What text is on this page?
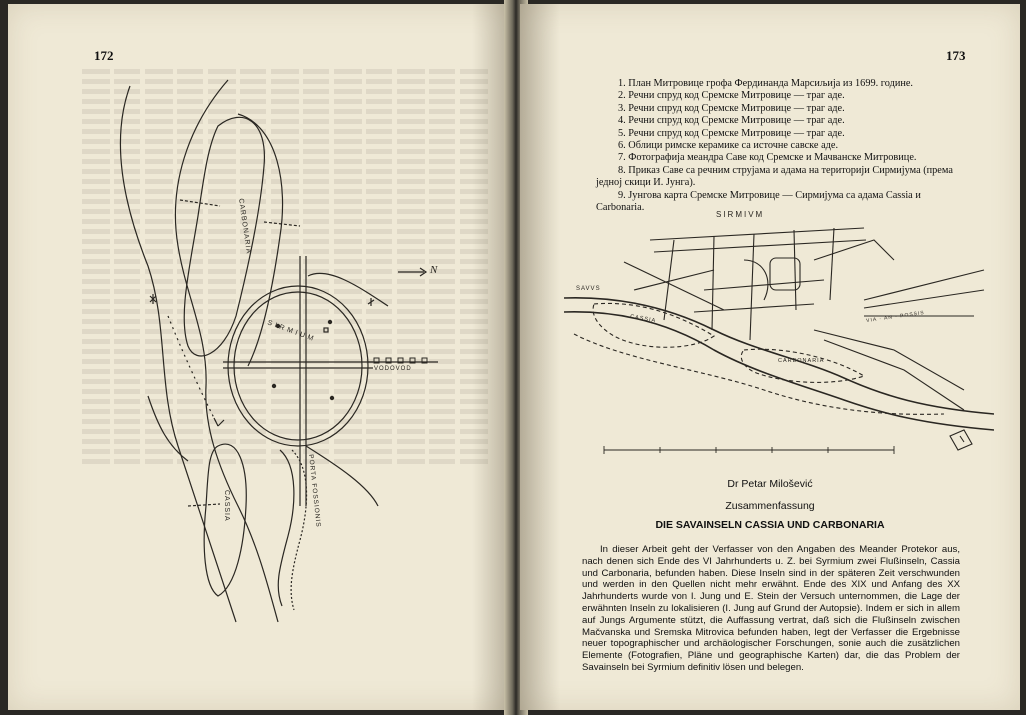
172
CARBONARIA
CASSIA
SIRMIUM
VODOVOD
PORTA FOSSIONIS
N
173

1. План Митровице грофа Фердинанда Марсиљија из 1699. године.

2. Речни спруд код Сремске Митровице — траг аде.

3. Речни спруд код Сремске Митровице — траг аде.

4. Речни спруд код Сремске Митровице — траг аде.

5. Речни спруд код Сремске Митровице — траг аде.

6. Облици римске керамике са источне савске аде.

7. Фотографија меандра Саве код Сремске и Мачванске Митровице.

8. Приказ Саве са речним струјама и адама на територији Сирмијума (према једној скици И. Јунга).

9. Јунгова карта Сремске Митровице — Сирмијума са адама Cassia и Carbonaria.

SIRMIVM
SAVVS
CASSIA
CARBONARIA
VIA · AN · POSSIS
Dr Petar Milošević
Zusammenfassung
DIE SAVAINSELN CASSIA UND CARBONARIA

In dieser Arbeit geht der Verfasser von den Angaben des Meander Protekor aus, nach denen sich Ende des VI Jahrhunderts u. Z. bei Syrmium zwei Flußinseln, Cassia und Carbonaria, befunden haben. Diese Inseln sind in der späteren Zeit verschwunden und werden in den Quellen nicht mehr erwähnt. Ende des XIX und Anfang des XX Jahrhunderts wurde von I. Jung und E. Stein der Versuch unternommen, die Lage der erwähnten Inseln zu lokalisieren (I. Jung auf Grund der Autopsie). Indem er sich in allem auf Jungs Argumente stützt, die Auffassung vertrat, daß sich die Flußinseln zwischen Mačvanska und Sremska Mitrovica befunden haben, legt der Verfasser die Ergebnisse neuer topographischer und archäologischer Forschungen, sonie auch die zusätzlichen Elemente (Fotografien, Pläne und geographische Karten) dar, die das Problem der Savainseln bei Syrmium definitiv lösen und belegen.
